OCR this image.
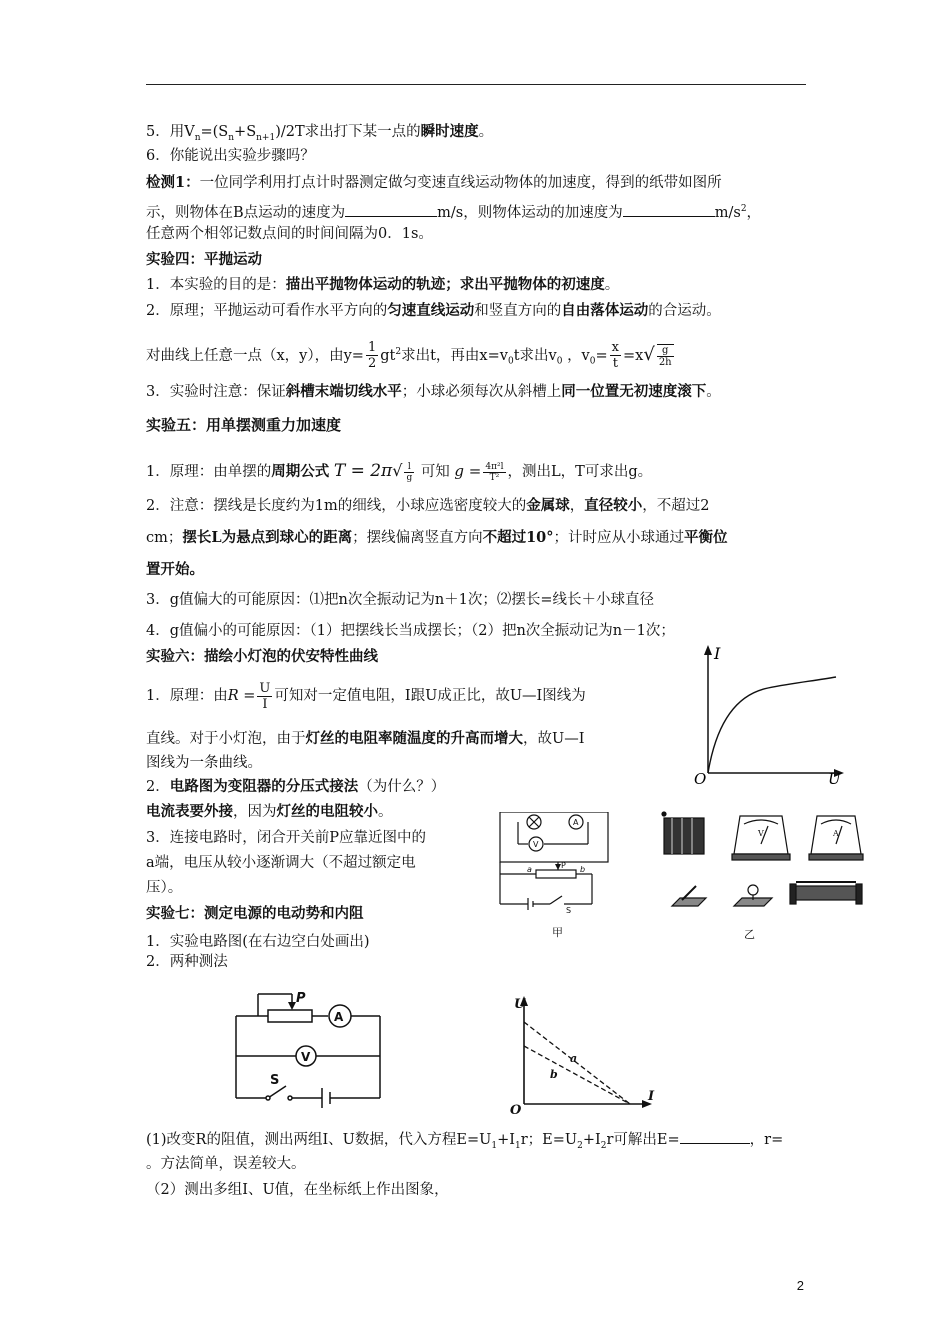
5．用$V_n=(S_n+S_{n+1})/2T$求出打下某一点的瞬时速度。
6．你能说出实验步骤吗？
检测1：一位同学利用打点计时器测定做匀变速直线运动物体的加速度，得到的纸带如图所
示，则物体在B点运动的速度为	m/s，则物体运动的加速度为	$m/s^2$，
任意两个相邻记数点间的时间间隔为0．1s。
实验四：平抛运动
1．本实验的目的是：描出平抛物体运动的轨迹；求出平抛物体的初速度。
2．原理；平抛运动可看作水平方向的匀速直线运动和竖直方向的自由落体运动的合运动。
对曲线上任意一点（x，y），由$y= \frac{1}{2} gt^2$求出t，再由$x=v_0t$求出$v_0$ ，$v_0= \frac{x}{t} =x√ \frac{g}{2h}$
3．实验时注意：保证斜槽末端切线水平；小球必须每次从斜槽上同一位置无初速度滚下。
实验五：用单摆测重力加速度
1．原理：由单摆的周期公式 $T = 2\pi√ \frac{l}{g}$ 可知 $g = \frac{\text{4π²l}}{\text{T²}}$ ，测出L，T可求出g。
2．注意：摆线是长度约为1m的细线，小球应选密度较大的金属球，直径较小，不超过2
cm；摆长L为悬点到球心的距离；摆线偏离竖直方向不超过10°；计时应从小球通过平衡位
置开始。
3．g值偏大的可能原因：⑴把n次全振动记为n＋1次；⑵摆长=线长＋小球直径
4．g值偏小的可能原因：（1）把摆线长当成摆长；（2）把n次全振动记为n－1次；
实验六：描绘小灯泡的伏安特性曲线
1．原理：由$R = \frac{U}{I}$ 可知对一定值电阻，I跟U成正比，故U—I图线为
直线。对于小灯泡，由于灯丝的电阻率随温度的升高而增大，故U—I
图线为一条曲线。
2．电路图为变阻器的分压式接法（为什么？）
电流表要外接，因为灯丝的电阻较小。
3．连接电路时，闭合开关前P应靠近图中的
a端，电压从较小逐渐调大（不超过额定电
压）。
实验七：测定电源的电动势和内阻
1．实验电路图(在右边空白处画出)
2．两种测法
(1)改变R的阻值，测出两组I、U数据，代入方程$E=U_1+I_1r$；$E=U_2+I_2r$可解出E=	，r=
。方法简单，误差较大。
（2）测出多组I、U值，在坐标纸上作出图象，
I
O	U
A
V
P
a	b
S
甲
V	A
乙
P
A
V
S
U
O
I
a
b
2
